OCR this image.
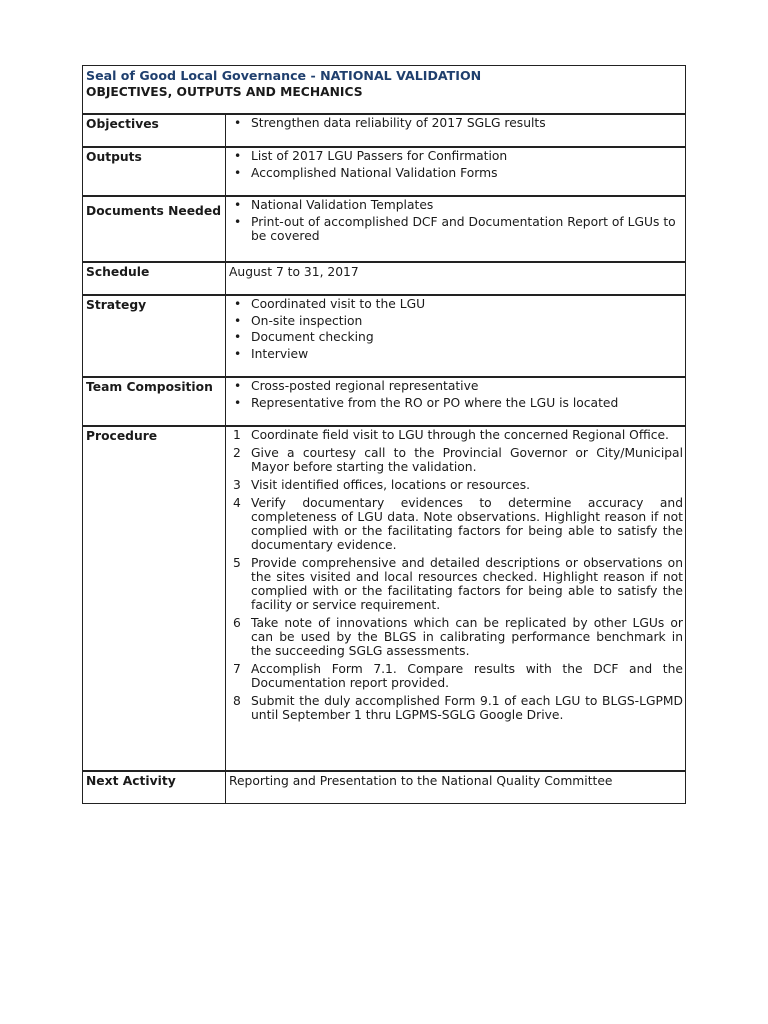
Seal of Good Local Governance - NATIONAL VALIDATION
OBJECTIVES, OUTPUTS AND MECHANICS
Objectives	• Strengthen data reliability of 2017 SGLG results
Outputs	• List of 2017 LGU Passers for Confirmation
• Accomplished National Validation Forms
Documents Needed	• National Validation Templates
• Print-out of accomplished DCF and Documentation Report of LGUs to be covered
Schedule	August 7 to 31, 2017
Strategy	• Coordinated visit to the LGU
• On-site inspection
• Document checking
• Interview
Team Composition	• Cross-posted regional representative
• Representative from the RO or PO where the LGU is located
Procedure	1 Coordinate field visit to LGU through the concerned Regional Office.
2 Give a courtesy call to the Provincial Governor or City/Municipal Mayor before starting the validation.
3 Visit identified offices, locations or resources.
4 Verify documentary evidences to determine accuracy and completeness of LGU data. Note observations. Highlight reason if not complied with or the facilitating factors for being able to satisfy the documentary evidence.
5 Provide comprehensive and detailed descriptions or observations on the sites visited and local resources checked. Highlight reason if not complied with or the facilitating factors for being able to satisfy the facility or service requirement.
6 Take note of innovations which can be replicated by other LGUs or can be used by the BLGS in calibrating performance benchmark in the succeeding SGLG assessments.
7 Accomplish Form 7.1. Compare results with the DCF and the Documentation report provided.
8 Submit the duly accomplished Form 9.1 of each LGU to BLGS-LGPMD until September 1 thru LGPMS-SGLG Google Drive.
Next Activity	Reporting and Presentation to the National Quality Committee
